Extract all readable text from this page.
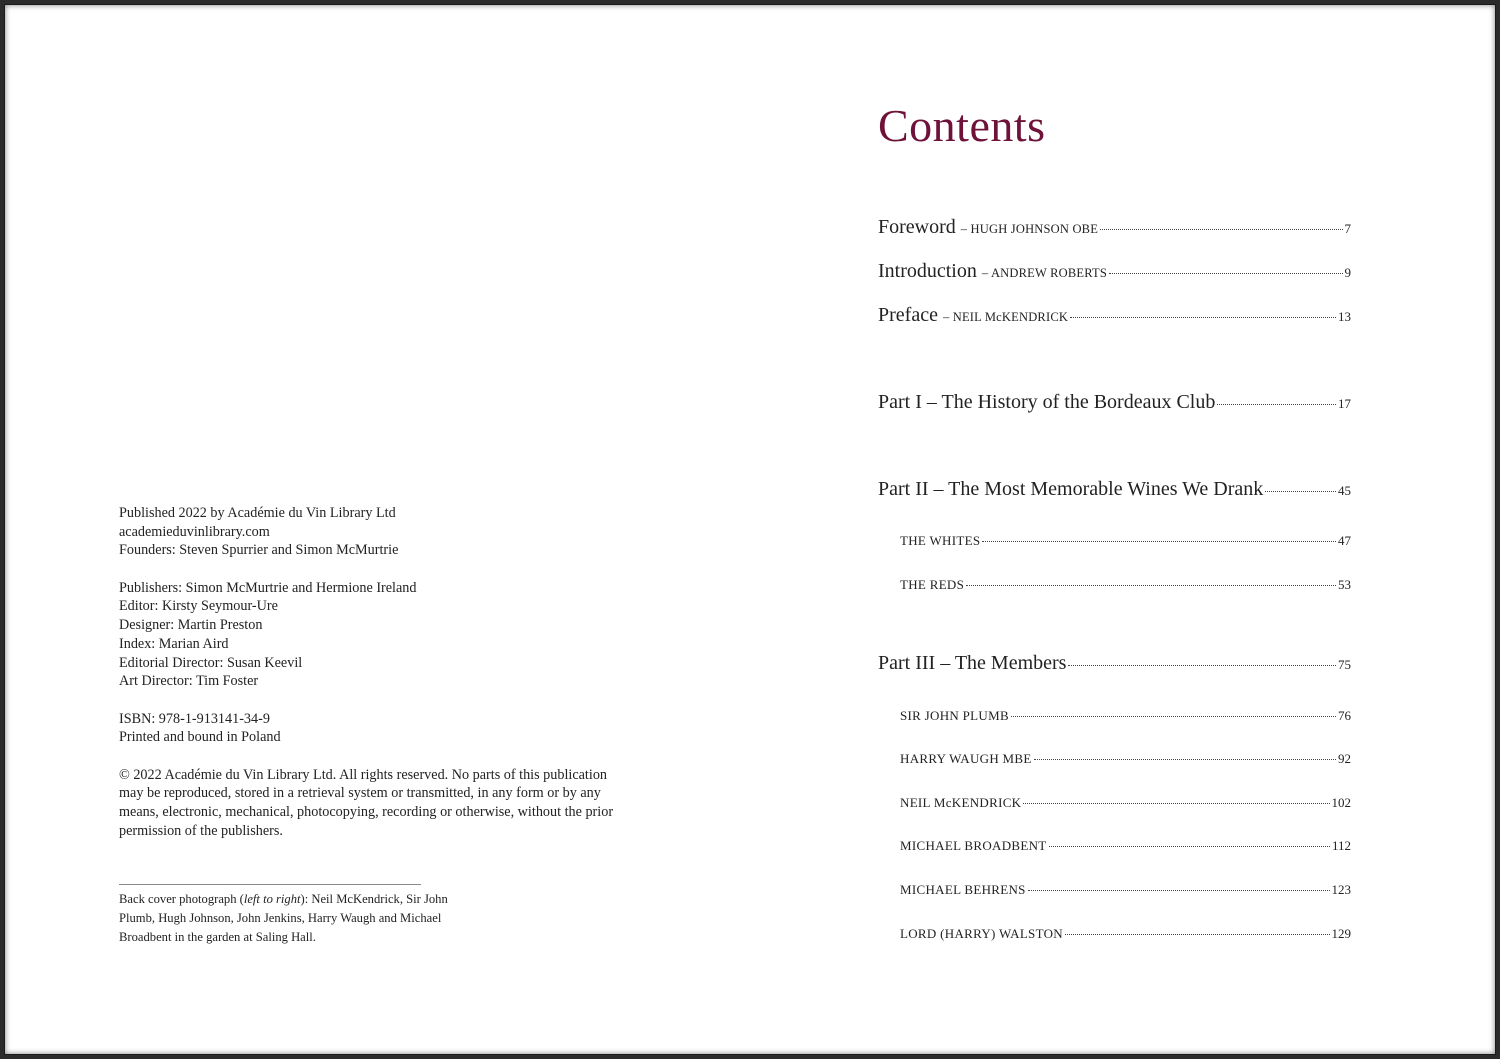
Published 2022 by Académie du Vin Library Ltd
academieduvinlibrary.com
Founders: Steven Spurrier and Simon McMurtrie
Publishers: Simon McMurtrie and Hermione Ireland
Editor: Kirsty Seymour-Ure
Designer: Martin Preston
Index: Marian Aird
Editorial Director: Susan Keevil
Art Director: Tim Foster
ISBN: 978-1-913141-34-9
Printed and bound in Poland
© 2022 Académie du Vin Library Ltd. All rights reserved. No parts of this publication may be reproduced, stored in a retrieval system or transmitted, in any form or by any means, electronic, mechanical, photocopying, recording or otherwise, without the prior permission of the publishers.
Back cover photograph (left to right): Neil McKendrick, Sir John Plumb, Hugh Johnson, John Jenkins, Harry Waugh and Michael Broadbent in the garden at Saling Hall.
Contents
Foreword – HUGH JOHNSON OBE	7
Introduction – ANDREW ROBERTS	9
Preface – NEIL McKENDRICK	13
Part I – The History of the Bordeaux Club	17
Part II – The Most Memorable Wines We Drank	45
THE WHITES	47
THE REDS	53
Part III – The Members	75
SIR JOHN PLUMB	76
HARRY WAUGH MBE	92
NEIL McKENDRICK	102
MICHAEL BROADBENT	112
MICHAEL BEHRENS	123
LORD (HARRY) WALSTON	129
